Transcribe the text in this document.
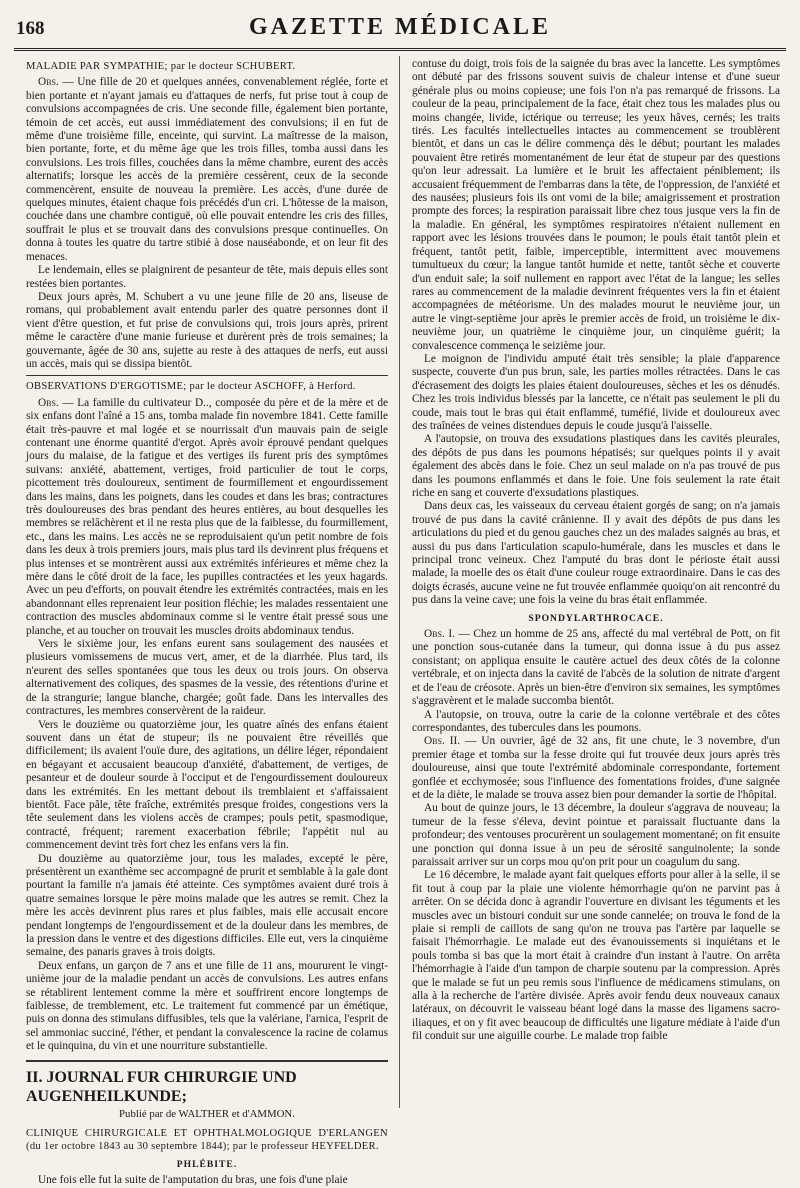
168	GAZETTE MÉDICALE

MALADIE PAR SYMPATHIE; par le docteur SCHUBERT.

Obs. — Une fille de 20 et quelques années, convenablement réglée, forte et bien portante et n'ayant jamais eu d'attaques de nerfs, fut prise tout à coup de convulsions accompagnées de cris. Une seconde fille, également bien portante, témoin de cet accès, eut aussi immédiatement des convulsions; il en fut de même d'une troisième fille, enceinte, qui survint. La maîtresse de la maison, bien portante, forte, et du même âge que les trois filles, tomba aussi dans les convulsions. Les trois filles, couchées dans la même chambre, eurent des accès alternatifs; lorsque les accès de la première cessèrent, ceux de la seconde commencèrent, ensuite de nouveau la première. Les accès, d'une durée de quelques minutes, étaient chaque fois précédés d'un cri. L'hôtesse de la maison, couchée dans une chambre contiguë, où elle pouvait entendre les cris des filles, souffrait le plus et se trouvait dans des convulsions presque continuelles. On donna à toutes les quatre du tartre stibié à dose nauséabonde, et on leur fit des menaces.

Le lendemain, elles se plaignirent de pesanteur de tête, mais depuis elles sont restées bien portantes.

Deux jours après, M. Schubert a vu une jeune fille de 20 ans, liseuse de romans, qui probablement avait entendu parler des quatre personnes dont il vient d'être question, et fut prise de convulsions qui, trois jours après, prirent même le caractère d'une manie furieuse et durèrent près de trois semaines; la gouvernante, âgée de 30 ans, sujette au reste à des attaques de nerfs, eut aussi un accès, mais qui se dissipa bientôt.

OBSERVATIONS D'ERGOTISME; par le docteur ASCHOFF, à Herford.

Obs. — La famille du cultivateur D.., composée du père et de la mère et de six enfans dont l'aîné a 15 ans, tomba malade fin novembre 1841. Cette famille était très-pauvre et mal logée et se nourrissait d'un mauvais pain de seigle contenant une énorme quantité d'ergot. Après avoir éprouvé pendant quelques jours du malaise, de la fatigue et des vertiges ils furent pris des symptômes suivans: anxiété, abattement, vertiges, froid particulier de tout le corps, picottement très douloureux, sentiment de fourmillement et engourdissement dans les mains, dans les poignets, dans les coudes et dans les bras; contractures très douloureuses des bras pendant des heures entières, au bout desquelles les membres se relâchèrent et il ne resta plus que de la faiblesse, du fourmillement, etc., dans les mains. Les accès ne se reproduisaient qu'un petit nombre de fois dans les deux à trois premiers jours, mais plus tard ils devinrent plus fréquens et plus intenses et se montrèrent aussi aux extrémités inférieures et même chez la mère dans le côté droit de la face, les pupilles contractées et les yeux hagards. Avec un peu d'efforts, on pouvait étendre les extrémités contractées, mais en les abandonnant elles reprenaient leur position fléchie; les malades ressentaient une contraction des muscles abdominaux comme si le ventre était pressé sous une planche, et au toucher on trouvait les muscles droits abdominaux tendus.

Vers le sixième jour, les enfans eurent sans soulagement des nausées et plusieurs vomissemens de mucus vert, amer, et de la diarrhée. Plus tard, ils n'eurent des selles spontanées que tous les deux ou trois jours. On observa alternativement des coliques, des spasmes de la vessie, des rétentions d'urine et de la strangurie; langue blanche, chargée; goût fade. Dans les intervalles des contractures, les membres conservèrent de la raideur.

Vers le douzième ou quatorzième jour, les quatre aînés des enfans étaient souvent dans un état de stupeur; ils ne pouvaient être réveillés que difficilement; ils avaient l'ouïe dure, des agitations, un délire léger, répondaient en bégayant et accusaient beaucoup d'anxiété, d'abattement, de vertiges, de pesanteur et de douleur sourde à l'occiput et de l'engourdissement douloureux dans les extrémités. En les mettant debout ils tremblaient et s'affaissaient bientôt. Face pâle, tête fraîche, extrémités presque froides, congestions vers la tête seulement dans les violens accès de crampes; pouls petit, spasmodique, contracté, fréquent; rarement exacerbation fébrile; l'appétit nul au commencement devint très fort chez les enfans vers la fin.

Du douzième au quatorzième jour, tous les malades, excepté le père, présentèrent un exanthème sec accompagné de prurit et semblable à la gale dont pourtant la famille n'a jamais été atteinte. Ces symptômes avaient duré trois à quatre semaines lorsque le père moins malade que les autres se remit. Chez la mère les accès devinrent plus rares et plus faibles, mais elle accusait encore pendant longtemps de l'engourdissement et de la douleur dans les membres, de la pression dans le ventre et des digestions difficiles. Elle eut, vers la cinquième semaine, des panaris graves à trois doigts.

Deux enfans, un garçon de 7 ans et une fille de 11 ans, moururent le vingt-unième jour de la maladie pendant un accès de convulsions. Les autres enfans se rétablirent lentement comme la mère et souffrirent encore longtemps de faiblesse, de tremblement, etc. Le traitement fut commencé par un émétique, puis on donna des stimulans diffusibles, tels que la valériane, l'arnica, l'esprit de sel ammoniac succiné, l'éther, et pendant la convalescence la racine de colamus et le quinquina, du vin et une nourriture substantielle.

II. JOURNAL FUR CHIRURGIE UND AUGENHEILKUNDE;

Publié par de WALTHER et d'AMMON.

CLINIQUE CHIRURGICALE ET OPHTHALMOLOGIQUE D'ERLANGEN (du 1er octobre 1843 au 30 septembre 1844); par le professeur HEYFELDER.

PHLÉBITE.

Une fois elle fut la suite de l'amputation du bras, une fois d'une plaie

contuse du doigt, trois fois de la saignée du bras avec la lancette. Les symptômes ont débuté par des frissons souvent suivis de chaleur intense et d'une sueur générale plus ou moins copieuse; une fois l'on n'a pas remarqué de frissons. La couleur de la peau, principalement de la face, était chez tous les malades plus ou moins changée, livide, ictérique ou terreuse; les yeux hâves, cernés; les traits tirés. Les facultés intellectuelles intactes au commencement se troublèrent bientôt, et dans un cas le délire commença dès le début; pourtant les malades pouvaient être retirés momentanément de leur état de stupeur par des questions qu'on leur adressait. La lumière et le bruit les affectaient péniblement; ils accusaient fréquemment de l'embarras dans la tête, de l'oppression, de l'anxiété et des nausées; plusieurs fois ils ont vomi de la bile; amaigrissement et prostration prompte des forces; la respiration paraissait libre chez tous jusque vers la fin de la maladie. En général, les symptômes respiratoires n'étaient nullement en rapport avec les lésions trouvées dans le poumon; le pouls était tantôt plein et fréquent, tantôt petit, faible, imperceptible, intermittent avec mouvemens tumultueux du cœur; la langue tantôt humide et nette, tantôt sèche et couverte d'un enduit sale; la soif nullement en rapport avec l'état de la langue; les selles rares au commencement de la maladie devinrent fréquentes vers la fin et étaient accompagnées de météorisme. Un des malades mourut le neuvième jour, un autre le vingt-septième jour après le premier accès de froid, un troisième le dix-neuvième jour, un quatrième le cinquième jour, un cinquième guérit; la convalescence commença le seizième jour.

Le moignon de l'individu amputé était très sensible; la plaie d'apparence suspecte, couverte d'un pus brun, sale, les parties molles rétractées. Dans le cas d'écrasement des doigts les plaies étaient douloureuses, sèches et les os dénudés. Chez les trois individus blessés par la lancette, ce n'était pas seulement le pli du coude, mais tout le bras qui était enflammé, tuméfié, livide et douloureux avec des traînées de veines distendues depuis le coude jusqu'à l'aisselle.

A l'autopsie, on trouva des exsudations plastiques dans les cavités pleurales, des dépôts de pus dans les poumons hépatisés; sur quelques points il y avait également des abcès dans le foie. Chez un seul malade on n'a pas trouvé de pus dans les poumons enflammés et dans le foie. Une fois seulement la rate était riche en sang et couverte d'exsudations plastiques.

Dans deux cas, les vaisseaux du cerveau étaient gorgés de sang; on n'a jamais trouvé de pus dans la cavité crânienne. Il y avait des dépôts de pus dans les articulations du pied et du genou gauches chez un des malades saignés au bras, et aussi du pus dans l'articulation scapulo-humérale, dans les muscles et dans le principal tronc veineux. Chez l'amputé du bras dont le périoste était aussi malade, la moelle des os était d'une couleur rouge extraordinaire. Dans le cas des doigts écrasés, aucune veine ne fut trouvée enflammée quoiqu'on ait rencontré du pus dans la veine cave; une fois la veine du bras était enflammée.

SPONDYLARTHROCACE.

Obs. I. — Chez un homme de 25 ans, affecté du mal vertébral de Pott, on fit une ponction sous-cutanée dans la tumeur, qui donna issue à du pus assez consistant; on appliqua ensuite le cautère actuel des deux côtés de la colonne vertébrale, et on injecta dans la cavité de l'abcès de la solution de nitrate d'argent et de l'eau de créosote. Après un bien-être d'environ six semaines, les symptômes s'aggravèrent et le malade succomba bientôt.

A l'autopsie, on trouva, outre la carie de la colonne vertébrale et des côtes correspondantes, des tubercules dans les poumons.

Obs. II. — Un ouvrier, âgé de 32 ans, fit une chute, le 3 novembre, d'un premier étage et tomba sur la fesse droite qui fut trouvée deux jours après très douloureuse, ainsi que toute l'extrémité abdominale correspondante, fortement gonflée et ecchymosée; sous l'influence des fomentations froides, d'une saignée et de la diète, le malade se trouva assez bien pour demander la sortie de l'hôpital.

Au bout de quinze jours, le 13 décembre, la douleur s'aggrava de nouveau; la tumeur de la fesse s'éleva, devint pointue et paraissait fluctuante dans la profondeur; des ventouses procurèrent un soulagement momentané; on fit ensuite une ponction qui donna issue à un peu de sérosité sanguinolente; la sonde paraissait arriver sur un corps mou qu'on prit pour un coagulum du sang.

Le 16 décembre, le malade ayant fait quelques efforts pour aller à la selle, il se fit tout à coup par la plaie une violente hémorrhagie qu'on ne parvint pas à arrêter. On se décida donc à agrandir l'ouverture en divisant les téguments et les muscles avec un bistouri conduit sur une sonde cannelée; on trouva le fond de la plaie si rempli de caillots de sang qu'on ne trouva pas l'artère par laquelle se faisait l'hémorrhagie. Le malade eut des évanouissements si inquiétans et le pouls tomba si bas que la mort était à craindre d'un instant à l'autre. On arrêta l'hémorrhagie à l'aide d'un tampon de charpie soutenu par la compression. Après que le malade se fut un peu remis sous l'influence de médicamens stimulans, on alla à la recherche de l'artère divisée. Après avoir fendu deux nouveaux canaux latéraux, on découvrit le vaisseau béant logé dans la masse des ligamens sacro-iliaques, et on y fit avec beaucoup de difficultés une ligature médiate à l'aide d'un fil conduit sur une aiguille courbe. Le malade trop faible
